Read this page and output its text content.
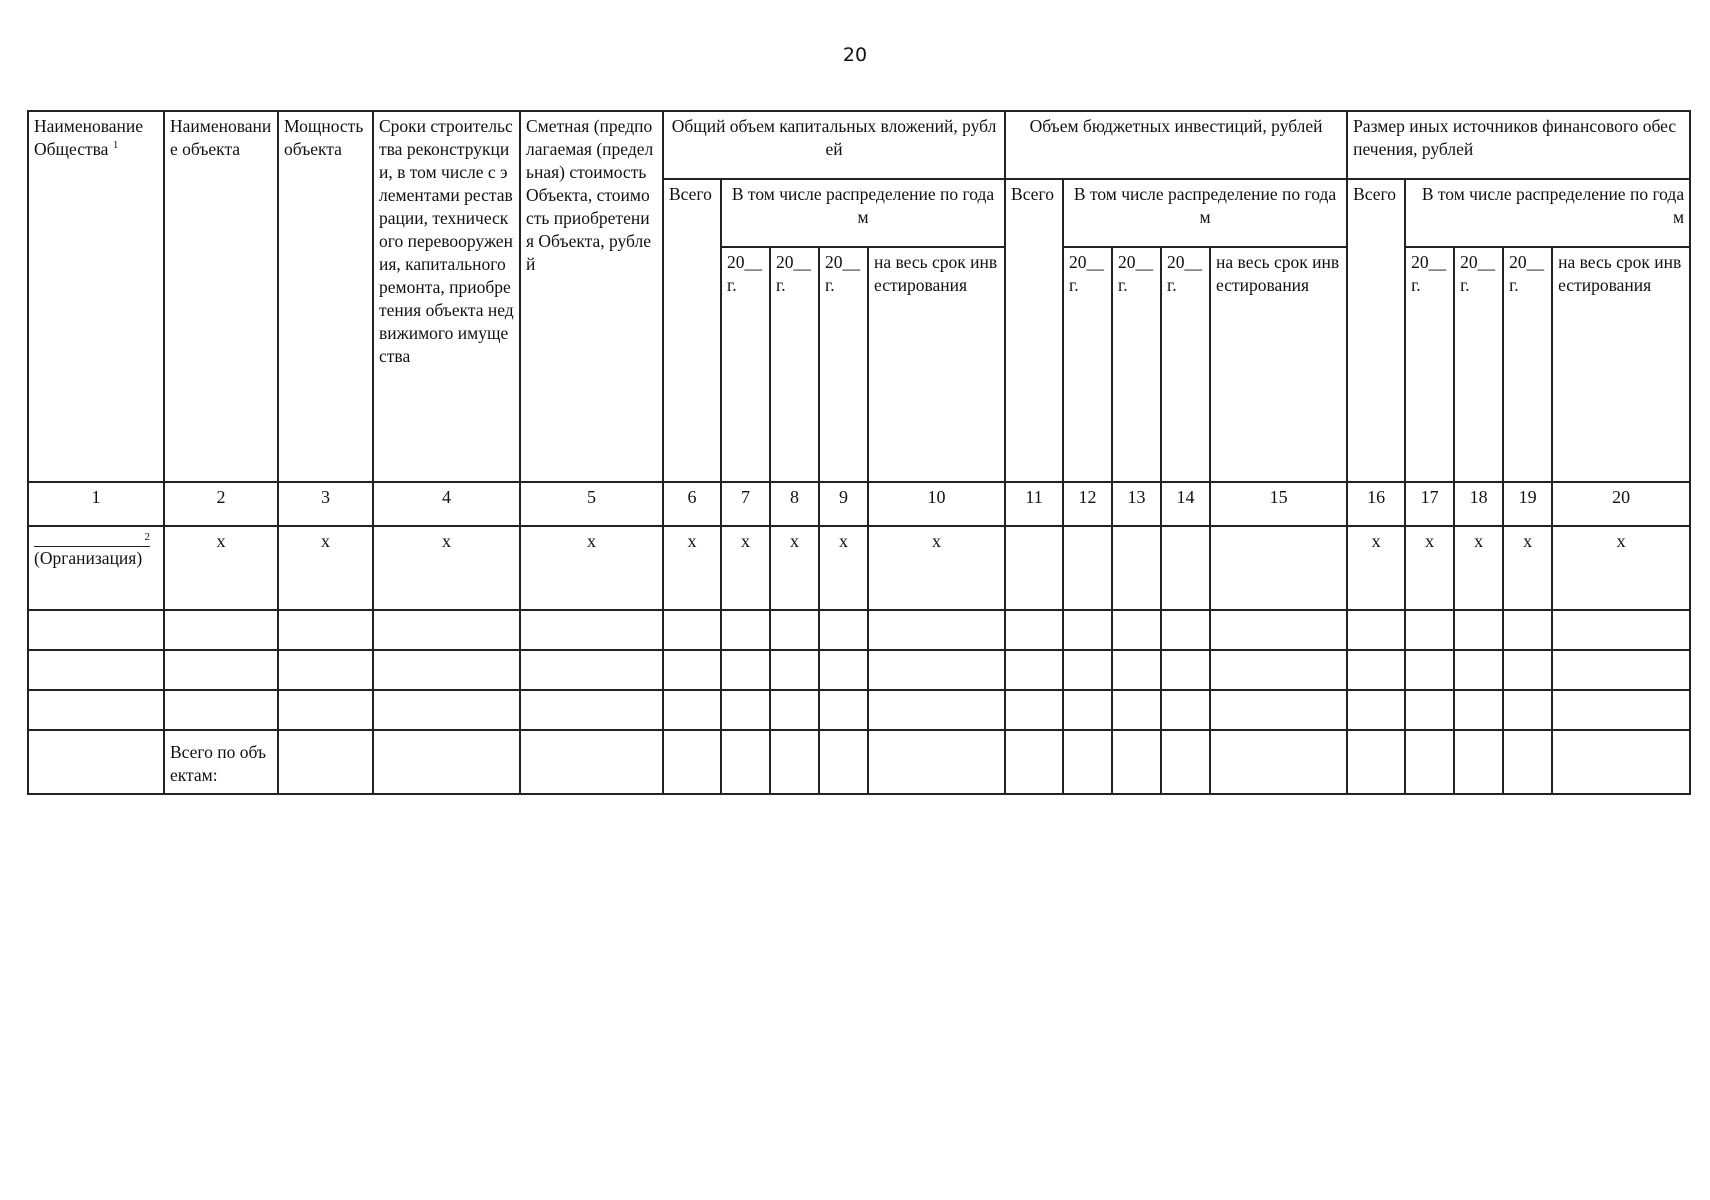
20
Наименование Общества $^1$	Наименование объекта	Мощность объекта	Сроки строительства реконструкции, в том числе с элементами реставрации, технического перевооружения, капитального ремонта, приобретения объекта недвижимого имущества	Сметная (предполагаемая (предельная) стоимость Объекта, стоимость приобретения Объекта, рублей	Общий объем капитальных вложений, рублей					Объем бюджетных инвестиций, рублей					Размер иных источников финансового обеспечения, рублей				
					Всего	В том числе распределение по годам				Всего	В том числе распределение по годам				Всего	В том числе распределение по годам			
						20__ г.	20__ г.	20__ г.	на весь срок инвестирования		20__ г.	20__ г.	20__ г.	на весь срок инвестирования		20__ г.	20__ г.	20__ г.	на весь срок инвестирования
1	2	3	4	5	6	7	8	9	10	11	12	13	14	15	16	17	18	19	20

2
(Организация)	x	x	x	x	x	x	x	x	x						x	x	x	x	x

	Всего по объектам:																		
